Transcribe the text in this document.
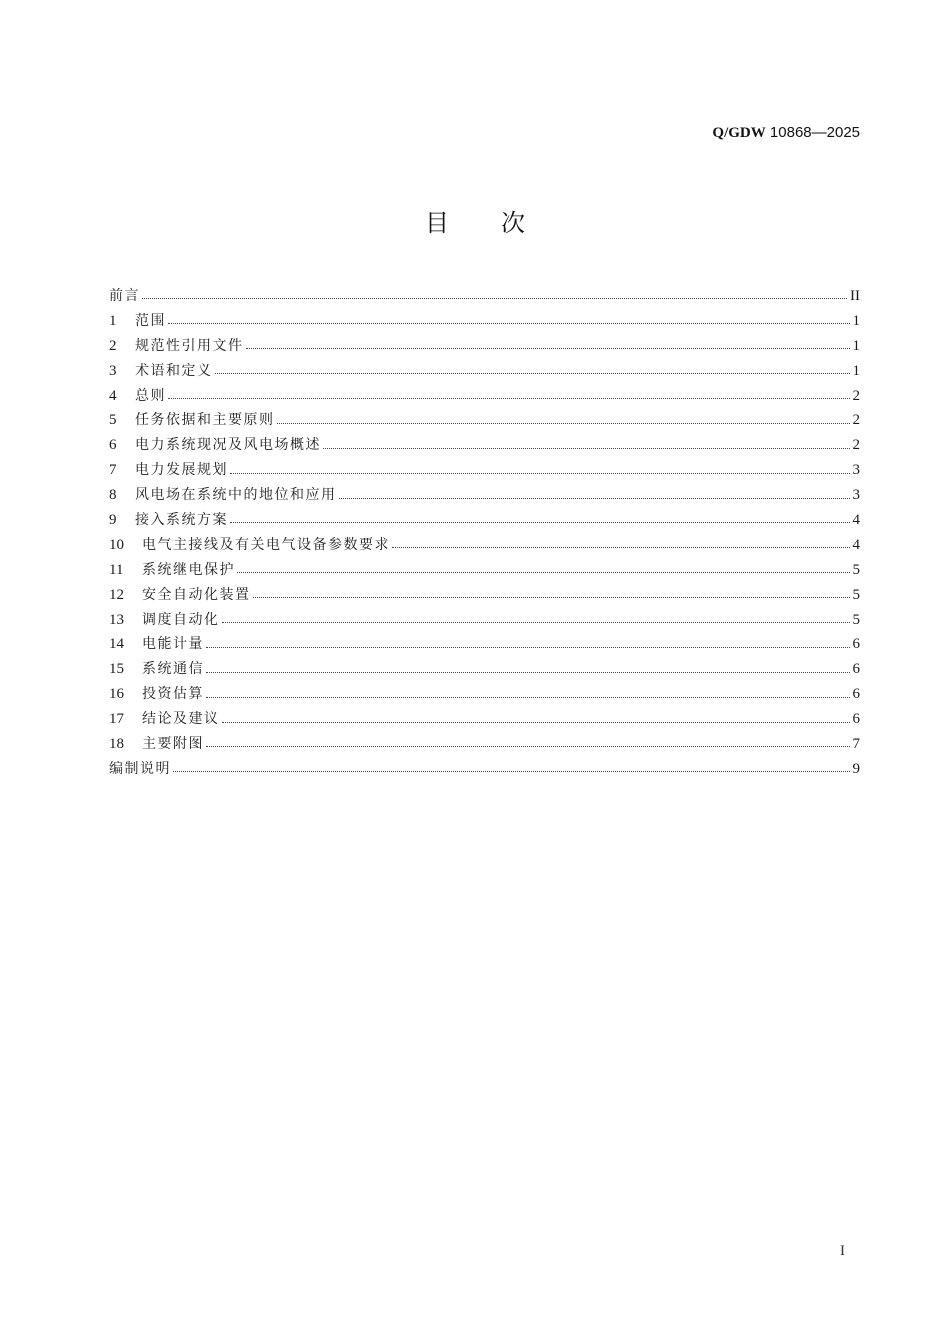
Q/GDW 10868—2025
目 次
前言	II
1	范围	1
2	规范性引用文件	1
3	术语和定义	1
4	总则	2
5	任务依据和主要原则	2
6	电力系统现况及风电场概述	2
7	电力发展规划	3
8	风电场在系统中的地位和应用	3
9	接入系统方案	4
10	电气主接线及有关电气设备参数要求	4
11	系统继电保护	5
12	安全自动化装置	5
13	调度自动化	5
14	电能计量	6
15	系统通信	6
16	投资估算	6
17	结论及建议	6
18	主要附图	7
编制说明	9
I
